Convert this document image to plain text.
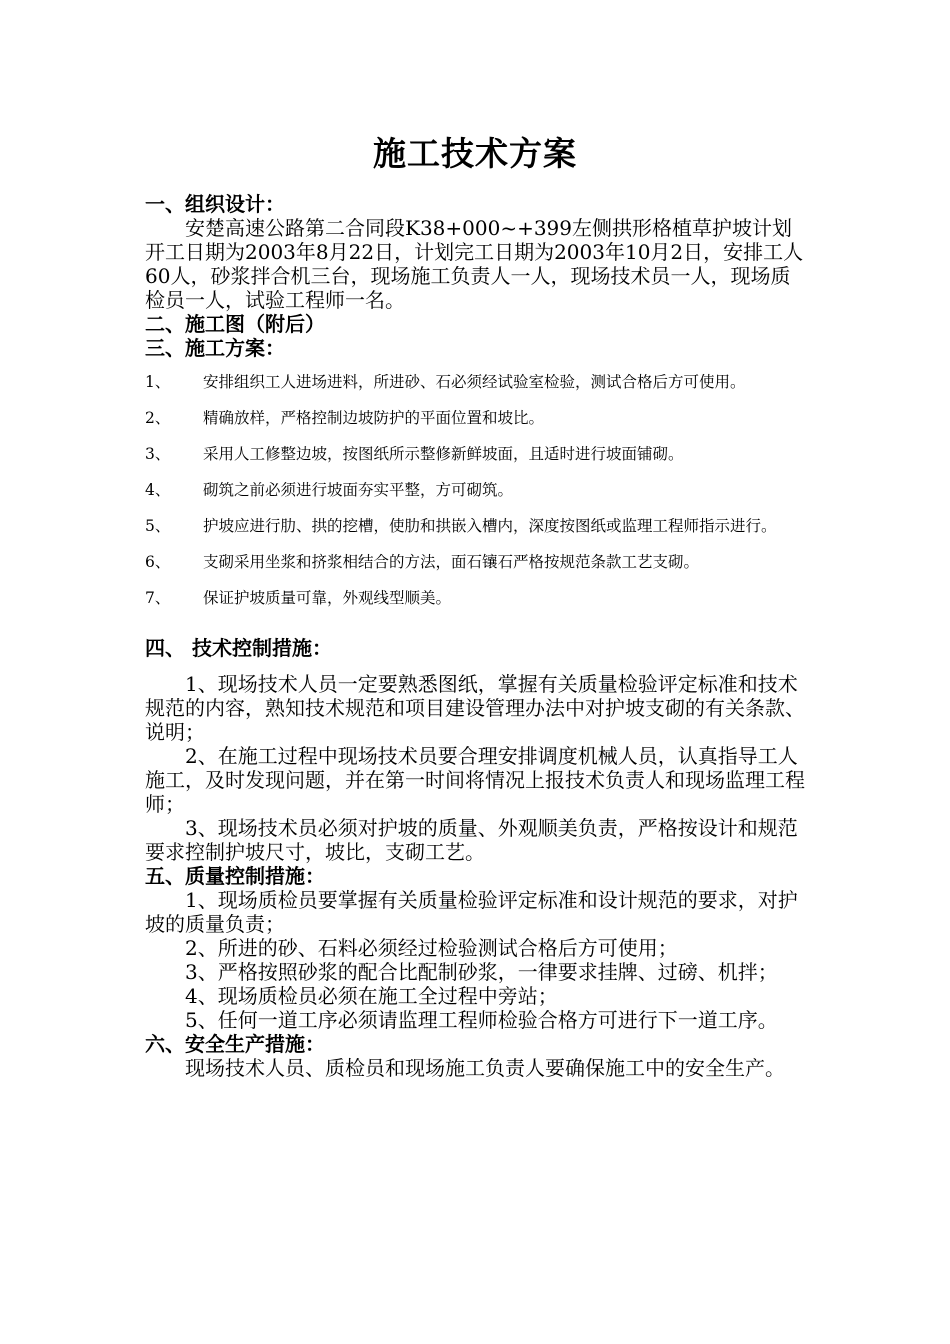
施工技术方案
一、组织设计：
安楚高速公路第二合同段K38+000~+399左侧拱形格植草护坡计划开工日期为2003年8月22日，计划完工日期为2003年10月2日，安排工人60人，砂浆拌合机三台，现场施工负责人一人，现场技术员一人，现场质检员一人，试验工程师一名。
二、施工图（附后）
三、施工方案：
1、 安排组织工人进场进料，所进砂、石必须经试验室检验，测试合格后方可使用。
2、 精确放样，严格控制边坡防护的平面位置和坡比。
3、 采用人工修整边坡，按图纸所示整修新鲜坡面，且适时进行坡面铺砌。
4、 砌筑之前必须进行坡面夯实平整，方可砌筑。
5、 护坡应进行肋、拱的挖槽，使肋和拱嵌入槽内，深度按图纸或监理工程师指示进行。
6、 支砌采用坐浆和挤浆相结合的方法，面石镶石严格按规范条款工艺支砌。
7、 保证护坡质量可靠，外观线型顺美。
四、 技术控制措施：
1、现场技术人员一定要熟悉图纸，掌握有关质量检验评定标准和技术规范的内容，熟知技术规范和项目建设管理办法中对护坡支砌的有关条款、说明；
2、在施工过程中现场技术员要合理安排调度机械人员，认真指导工人施工，及时发现问题，并在第一时间将情况上报技术负责人和现场监理工程师；
3、现场技术员必须对护坡的质量、外观顺美负责，严格按设计和规范要求控制护坡尺寸，坡比，支砌工艺。
五、质量控制措施：
1、现场质检员要掌握有关质量检验评定标准和设计规范的要求，对护坡的质量负责；
2、所进的砂、石料必须经过检验测试合格后方可使用；
3、严格按照砂浆的配合比配制砂浆，一律要求挂牌、过磅、机拌；
4、现场质检员必须在施工全过程中旁站；
5、任何一道工序必须请监理工程师检验合格方可进行下一道工序。
六、安全生产措施：
现场技术人员、质检员和现场施工负责人要确保施工中的安全生产。
